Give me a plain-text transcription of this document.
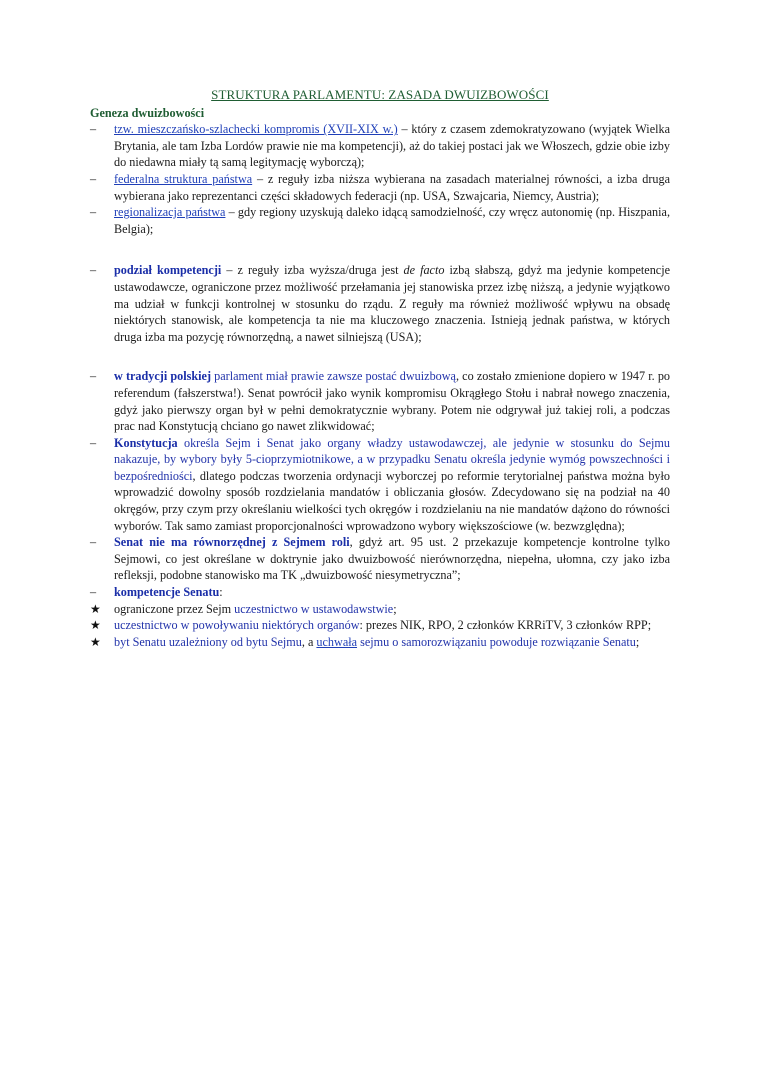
STRUKTURA PARLAMENTU: ZASADA DWUIZBOWOŚCI
Geneza dwuizbowości
–	tzw. mieszczańsko-szlachecki kompromis (XVII-XIX w.) – który z czasem zdemokratyzowano (wyjątek Wielka Brytania, ale tam Izba Lordów prawie nie ma kompetencji), aż do takiej postaci jak we Włoszech, gdzie obie izby do niedawna miały tą samą legitymację wyborczą);
–	federalna struktura państwa – z reguły izba niższa wybierana na zasadach materialnej równości, a izba druga wybierana jako reprezentanci części składowych federacji (np. USA, Szwajcaria, Niemcy, Austria);
–	regionalizacja państwa – gdy regiony uzyskują daleko idącą samodzielność, czy wręcz autonomię (np. Hiszpania, Belgia);
–	podział kompetencji – z reguły izba wyższa/druga jest de facto izbą słabszą, gdyż ma jedynie kompetencje ustawodawcze, ograniczone przez możliwość przełamania jej stanowiska przez izbę niższą, a jedynie wyjątkowo ma udział w funkcji kontrolnej w stosunku do rządu. Z reguły ma również możliwość wpływu na obsadę niektórych stanowisk, ale kompetencja ta nie ma kluczowego znaczenia. Istnieją jednak państwa, w których druga izba ma pozycję równorzędną, a nawet silniejszą (USA);
–	w tradycji polskiej parlament miał prawie zawsze postać dwuizbową, co zostało zmienione dopiero w 1947 r. po referendum (fałszerstwa!). Senat powrócił jako wynik kompromisu Okrągłego Stołu i nabrał nowego znaczenia, gdyż jako pierwszy organ był w pełni demokratycznie wybrany. Potem nie odgrywał już takiej roli, a podczas prac nad Konstytucją chciano go nawet zlikwidować;
–	Konstytucja określa Sejm i Senat jako organy władzy ustawodawczej, ale jedynie w stosunku do Sejmu nakazuje, by wybory były 5-cioprzymiotnikowe, a w przypadku Senatu określa jedynie wymóg powszechności i bezpośredniości, dlatego podczas tworzenia ordynacji wyborczej po reformie terytorialnej państwa można było wprowadzić dowolny sposób rozdzielania mandatów i obliczania głosów. Zdecydowano się na podział na 40 okręgów, przy czym przy określaniu wielkości tych okręgów i rozdzielaniu na nie mandatów dążono do równości wyborów. Tak samo zamiast proporcjonalności wprowadzono wybory większościowe (w. bezwzględna);
–	Senat nie ma równorzędnej z Sejmem roli, gdyż art. 95 ust. 2 przekazuje kompetencje kontrolne tylko Sejmowi, co jest określane w doktrynie jako dwuizbowość nierównorzędna, niepełna, ułomna, czy jako izba refleksji, podobne stanowisko ma TK „dwuizbowość niesymetryczna”;
–	kompetencje Senatu:
★ ograniczone przez Sejm uczestnictwo w ustawodawstwie;
★ uczestnictwo w powoływaniu niektórych organów: prezes NIK, RPO, 2 członków KRRiTV, 3 członków RPP;
★ byt Senatu uzależniony od bytu Sejmu, a uchwała sejmu o samorozwiązaniu powoduje rozwiązanie Senatu;
